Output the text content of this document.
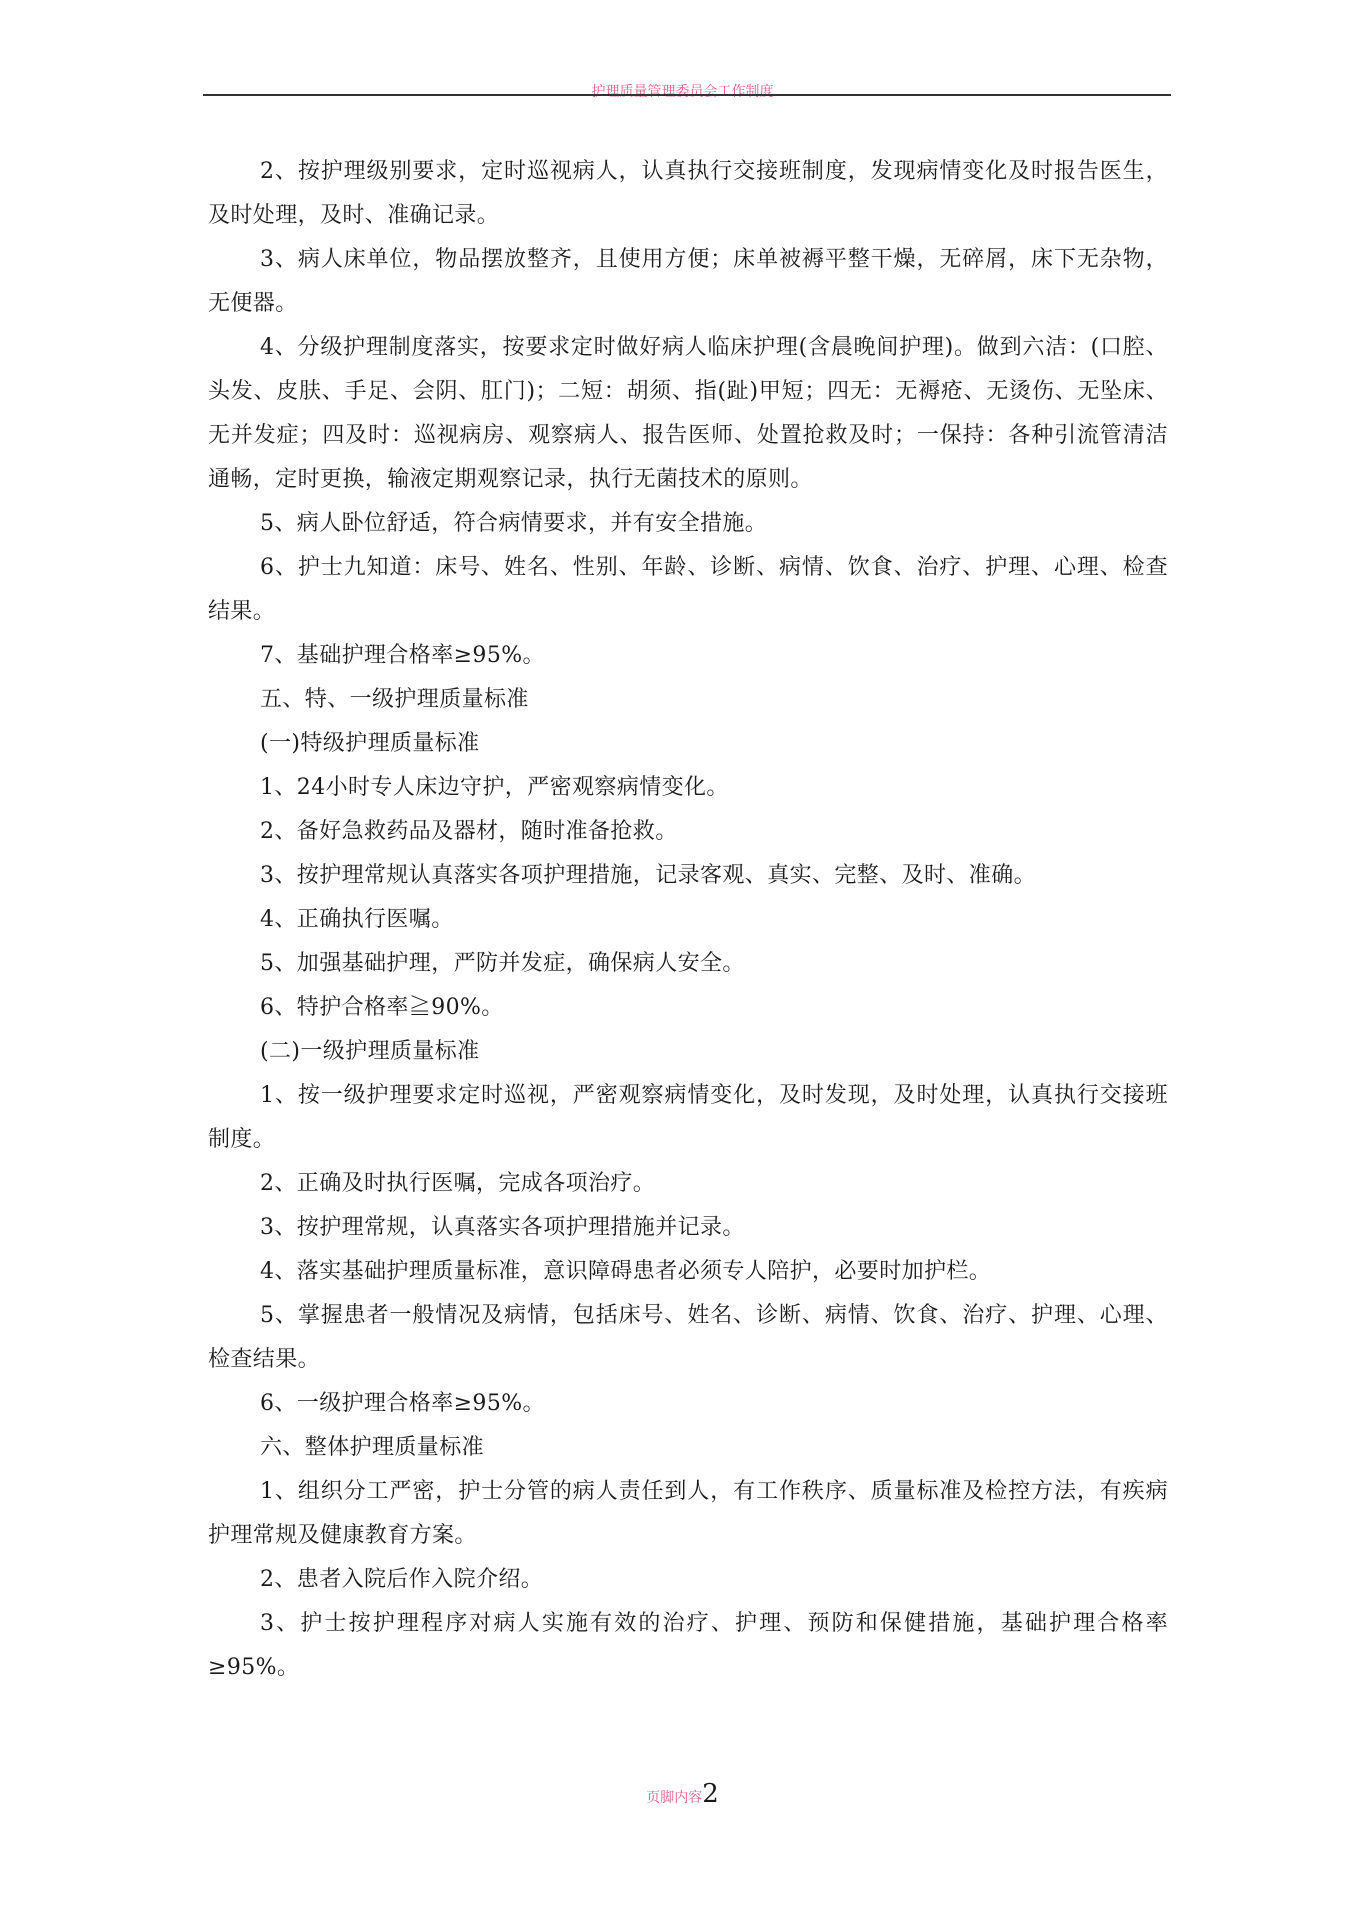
护理质量管理委员会工作制度

2、按护理级别要求，定时巡视病人，认真执行交接班制度，发现病情变化及时报告医生，及时处理，及时、准确记录。

3、病人床单位，物品摆放整齐，且使用方便；床单被褥平整干燥，无碎屑，床下无杂物，无便器。

4、分级护理制度落实，按要求定时做好病人临床护理(含晨晚间护理)。做到六洁：(口腔、头发、皮肤、手足、会阴、肛门)；二短：胡须、指(趾)甲短；四无：无褥疮、无烫伤、无坠床、无并发症；四及时：巡视病房、观察病人、报告医师、处置抢救及时；一保持：各种引流管清洁通畅，定时更换，输液定期观察记录，执行无菌技术的原则。

5、病人卧位舒适，符合病情要求，并有安全措施。

6、护士九知道：床号、姓名、性别、年龄、诊断、病情、饮食、治疗、护理、心理、检查结果。

7、基础护理合格率≥95%。

五、特、一级护理质量标准

(一)特级护理质量标准

1、24小时专人床边守护，严密观察病情变化。

2、备好急救药品及器材，随时准备抢救。

3、按护理常规认真落实各项护理措施，记录客观、真实、完整、及时、准确。

4、正确执行医嘱。

5、加强基础护理，严防并发症，确保病人安全。

6、特护合格率≧90%。

(二)一级护理质量标准

1、按一级护理要求定时巡视，严密观察病情变化，及时发现，及时处理，认真执行交接班制度。

2、正确及时执行医嘱，完成各项治疗。

3、按护理常规，认真落实各项护理措施并记录。

4、落实基础护理质量标准，意识障碍患者必须专人陪护，必要时加护栏。

5、掌握患者一般情况及病情，包括床号、姓名、诊断、病情、饮食、治疗、护理、心理、检查结果。

6、一级护理合格率≥95%。

六、整体护理质量标准

1、组织分工严密，护士分管的病人责任到人，有工作秩序、质量标准及检控方法，有疾病护理常规及健康教育方案。

2、患者入院后作入院介绍。

3、护士按护理程序对病人实施有效的治疗、护理、预防和保健措施，基础护理合格率≥95%。

页脚内容2
